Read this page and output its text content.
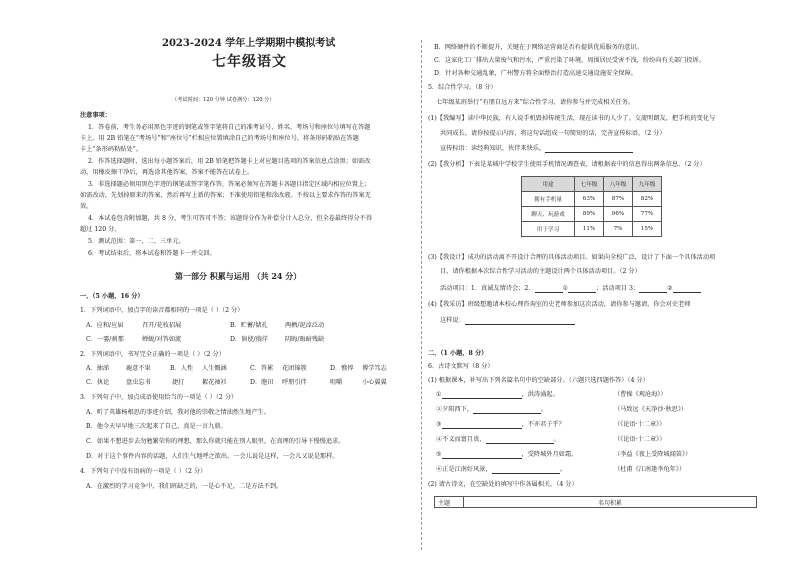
2023-2024 学年上学期期中模拟考试
七年级语文
（考试时间：120 分钟 试卷满分：120 分）
注意事项：
1．答卷前，考生务必用黑色字迹的钢笔或签字笔将自己的准考证号、姓名、考场号和座位号填写在答题
卡上。用 2B 铅笔在“考场号”和“座位号”栏相应位置填涂自己的考场号和座位号。将条形码粘贴在答题
卡上“条形码粘贴处”。
2．作答选择题时，选出每小题答案后，用 2B 铅笔把答题卡上对应题目选项的答案信息点涂黑；如需改
动，用橡皮擦干净后，再选涂其他答案，答案不能答在试卷上。
3．非选择题必须用黑色字迹的钢笔或签字笔作答，答案必须写在答题卡各题目指定区域内相应位置上；
如需改动，先划掉原来的答案，然后再写上新的答案；不准使用铅笔和涂改液。不按以上要求作答的答案无
效。
4．本试卷包含附加题，共 8 分，考生可答可不答；该题得分作为补偿分计入总分，但全卷最终得分不得
超过 120 分。
5．测试范围：第一、二、三单元。
6．考试结束后，将本试卷和答题卡一并交回。
第一部分 积累与运用 （共 24 分）
一、（5 小题，16 分）
1．下列词语中，加点字的读音都相同的一项是（ ）（2 分）
A．应和/应届	召开/花枝招展	B．贮蓄/储孔	两栖/泥淖泛动
C．一霎/刹那	蝉蜕/对答如流	D．倘使/徜徉	阴晦/晦暗残缺
2．下列词语中，书写完全正确的一项是（ ）（2 分）
A．抽涕	鹿意不果	B．人性 人生慨涵	C．答累 花团锦簇	D．憔悴 博学笃志
C．执论	盘虫忘书	捷打	絮花袖衫	D．胞田 呼朋引伴	咀嚼	小心翼翼
3．下列句子中，加点成语使用恰当的一项是（ ）（2 分）
A．听了英雄杨根思的事迹介绍，我对他的崇敬之情油然生地产生。
B．他今天早早地三次起来了自己，真是一言九鼎。
C．如果不想进步去勿勉繁荣你的理想，那么你就只能在别人眼里，在真理的引导下慢慢追求。
D．对于这个事件内容的话题，人们生气地呼之欲出，一会儿说是这样，一会儿又说是那样。
4．下列句子中没有语病的一项是（ ）（2 分）
A．在激烈的学习竞争中，我们班缺乏的，一是心不足，二是方法不到。
B．网络硬件的不断提升，关键在于网络运营商是否有提供优质服务的意识。
C．这家化工厂排出大量废气和污水，严重污染了环境，周围居民受害不浅，纷纷向有关部门投诉。
D．针对各种交通乱象，广州警方将全面整治打造高速交通设施安全保障。
5．综合性学习。（8 分）
七年级某班举行“有朋自远方来”综合性学习，请你参与并完成相关任务。
(1)【我编写】读中华民族，有人说手机毁掉传统生活，现在读书的人少了。交流明朗友，把手机的变化与
共同成长。请你按提示内容，将这句话组成一句简短的话，完善宣传标语。（2 分）
宣传标语：读经典知识，伙伴来快乐，
(2)【我分析】下表是某城中学校学生使用手机情况调查表，请根据表中的信息得出两条信息。（2 分）
用途	七年级	八年级	九年级
拥有手机量	63%	87%	82%
聊天、玩游戏	89%	96%	77%
用于学习	11%	7%	15%
(3)【我设计】成功的活动离不开设计合理的具体活动项目。如果向全校广泛，设计了下面一个具体活动项
目，请你根据本次综合性学习活动的主题设计两个具体活动项目。（2 分）
活动项目：1．真诚友情诗会；2．	①	；活动项目 3：	②
(4)【我采访】班级想邀请本校心理咨询室的史老师参加这次活动，请你参与邀请，你会对史老师
这样说：
二、（1 小题，8 分）
6．古诗文默写（8 分）
(1) 根据课本，补写出下列名篇名句中的空缺部分。（六题只选四题作答）（4 分）
①	，洪涛涌起。	（曹操《观沧海》）
②夕阳西下，	。	（马致远《天净沙·秋思》）
③	，不亦君子乎？	（《论语·十二章》）
④不义而富且贵，	。	（《论语·十二章》）
⑤	，受降城外月如霜。	（李益《夜上受降城闻笛》）
⑥正是江南好风景，	。	（杜甫《江南逢李龟年》）
(2) 请古诗文，在空缺处的填写中作各属相关。（4 分）
主题	名句积累
